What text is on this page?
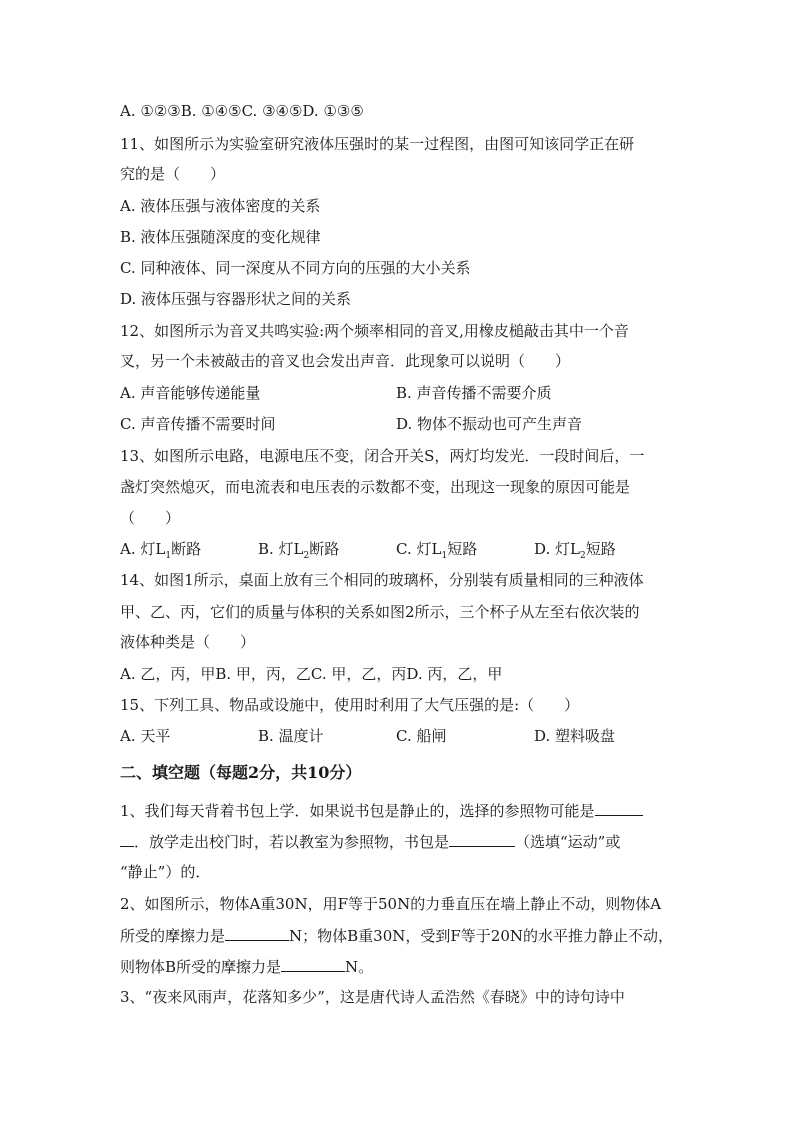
A. ①②③B. ①④⑤C. ③④⑤D. ①③⑤
11、如图所示为实验室研究液体压强时的某一过程图，由图可知该同学正在研
究的是（　　）
A. 液体压强与液体密度的关系
B. 液体压强随深度的变化规律
C. 同种液体、同一深度从不同方向的压强的大小关系
D. 液体压强与容器形状之间的关系
12、如图所示为音叉共鸣实验:两个频率相同的音叉,用橡皮槌敲击其中一个音
叉，另一个未被敲击的音叉也会发出声音．此现象可以说明（　　）
A. 声音能够传递能量	B. 声音传播不需要介质
C. 声音传播不需要时间	D. 物体不振动也可产生声音
13、如图所示电路，电源电压不变，闭合开关S，两灯均发光．一段时间后，一
盏灯突然熄灭，而电流表和电压表的示数都不变，出现这一现象的原因可能是
（　　）
A. 灯$L_1$断路	B. 灯$L_2$断路	C. 灯$L_1$短路	D. 灯$L_2$短路
14、如图1所示，桌面上放有三个相同的玻璃杯，分别装有质量相同的三种液体
甲、乙、丙，它们的质量与体积的关系如图2所示，三个杯子从左至右依次装的
液体种类是（　　）
A. 乙，丙，甲B. 甲，丙，乙C. 甲，乙，丙D. 丙，乙，甲
15、下列工具、物品或设施中，使用时利用了大气压强的是:（　　）
A. 天平	B. 温度计	C. 船闸	D. 塑料吸盘
二、填空题（每题2分，共10分）
1、我们每天背着书包上学．如果说书包是静止的，选择的参照物可能是
．放学走出校门时，若以教室为参照物，书包是	（选填“运动”或
“静止”）的．
2、如图所示，物体A重30N，用F等于50N的力垂直压在墙上静止不动，则物体A
所受的摩擦力是	N；物体B重30N，受到F等于20N的水平推力静止不动，
则物体B所受的摩擦力是	N。
3、“夜来风雨声，花落知多少”，这是唐代诗人孟浩然《春晓》中的诗句诗中
